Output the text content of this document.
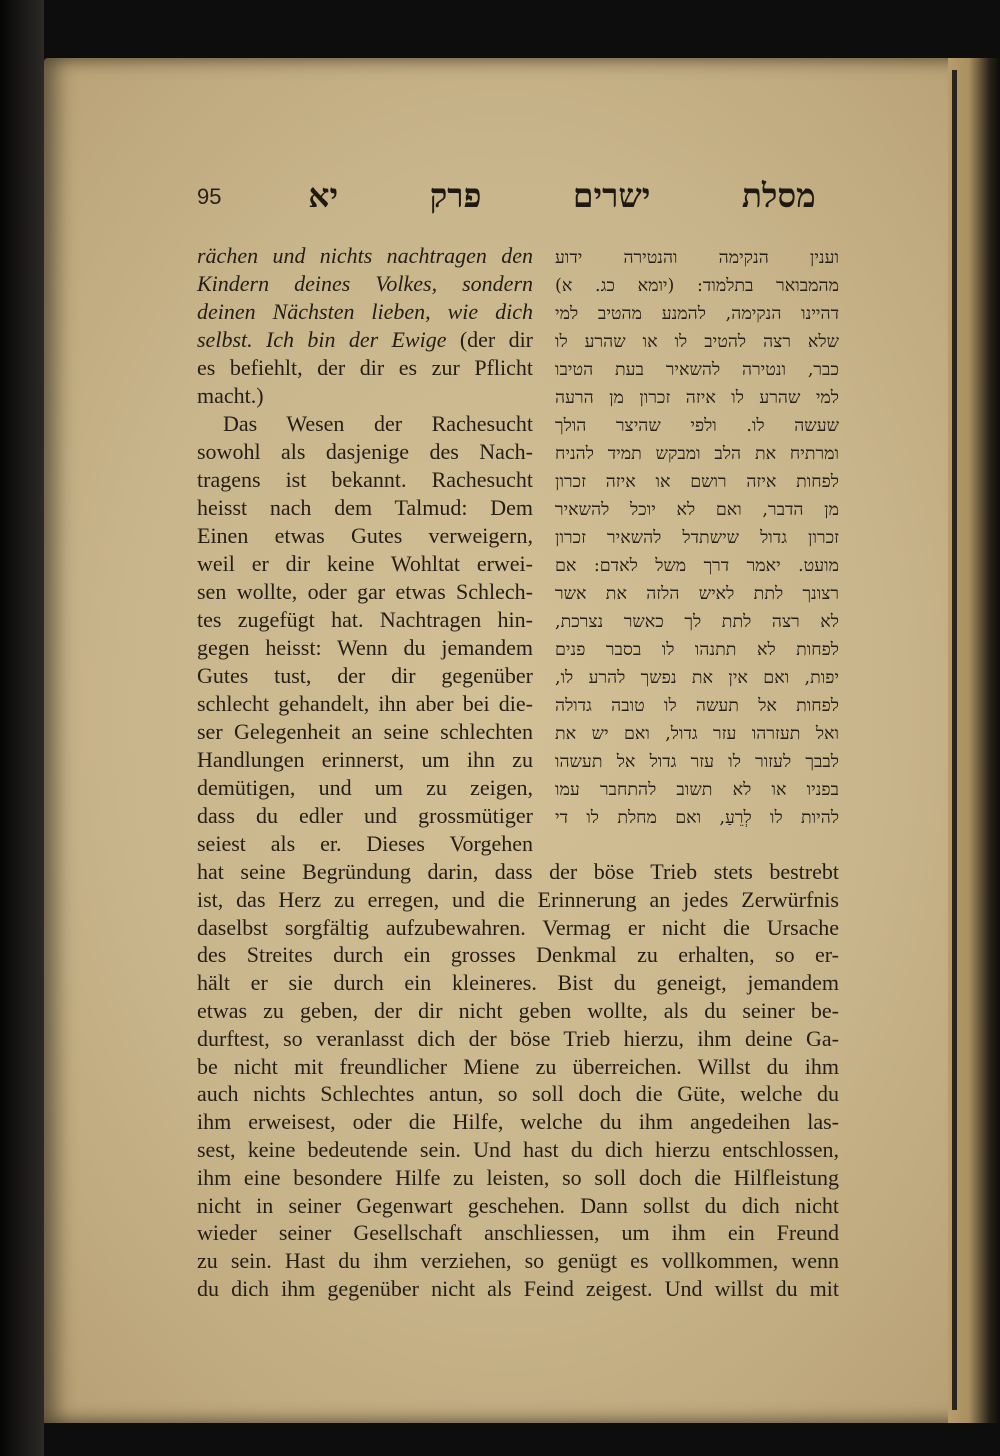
95	מסלת ישרים פרק יא
rächen und nichts nachtragen den
Kindern deines Volkes, sondern
deinen Nächsten lieben, wie dich
selbst. Ich bin der Ewige (der dir
es befiehlt, der dir es zur Pflicht
macht.)
Das Wesen der Rachesucht
sowohl als dasjenige des Nach-
tragens ist bekannt. Rachesucht
heisst nach dem Talmud: Dem
Einen etwas Gutes verweigern,
weil er dir keine Wohltat erwei-
sen wollte, oder gar etwas Schlech-
tes zugefügt hat. Nachtragen hin-
gegen heisst: Wenn du jemandem
Gutes tust, der dir gegenüber
schlecht gehandelt, ihn aber bei die-
ser Gelegenheit an seine schlechten
Handlungen erinnerst, um ihn zu
demütigen, und um zu zeigen,
dass du edler und grossmütiger
seiest als er. Dieses Vorgehen
וענין הנקימה והנטירה ידוע
מהמבואר בתלמוד: (יומא כג. א)
דהיינו הנקימה, להמנע מהטיב למי
שלא רצה להטיב לו או שהרע לו
כבר, ונטירה להשאיר בעת הטיבו
למי שהרע לו איזה זכרון מן הרעה
שעשה לו. ולפי שהיצר הולך
ומרתיח את הלב ומבקש תמיד להניח
לפחות איזה רושם או איזה זכרון
מן הדבר, ואם לא יוכל להשאיר
זכרון גדול שישתדל להשאיר זכרון
מועט. יאמר דרך משל לאדם: אם
רצונך לתת לאיש הלזה את אשר
לא רצה לתת לך כאשר נצרכת,
לפחות לא תתנהו לו בסבר פנים
יפות, ואם אין את נפשך להרע לו,
לפחות אל תעשה לו טובה גדולה
ואל תעזרהו עזר גדול, ואם יש את
לבבך לעזור לו עזר גדול אל תעשהו
בפניו או לא תשוב להתחבר עמו
להיות לו לְרֵעַ, ואם מחלת לו די
hat seine Begründung darin, dass der böse Trieb stets bestrebt
ist, das Herz zu erregen, und die Erinnerung an jedes Zerwürfnis
daselbst sorgfältig aufzubewahren. Vermag er nicht die Ursache
des Streites durch ein grosses Denkmal zu erhalten, so er-
hält er sie durch ein kleineres. Bist du geneigt, jemandem
etwas zu geben, der dir nicht geben wollte, als du seiner be-
durftest, so veranlasst dich der böse Trieb hierzu, ihm deine Ga-
be nicht mit freundlicher Miene zu überreichen. Willst du ihm
auch nichts Schlechtes antun, so soll doch die Güte, welche du
ihm erweisest, oder die Hilfe, welche du ihm angedeihen las-
sest, keine bedeutende sein. Und hast du dich hierzu entschlossen,
ihm eine besondere Hilfe zu leisten, so soll doch die Hilfleistung
nicht in seiner Gegenwart geschehen. Dann sollst du dich nicht
wieder seiner Gesellschaft anschliessen, um ihm ein Freund
zu sein. Hast du ihm verziehen, so genügt es vollkommen, wenn
du dich ihm gegenüber nicht als Feind zeigest. Und willst du mit
